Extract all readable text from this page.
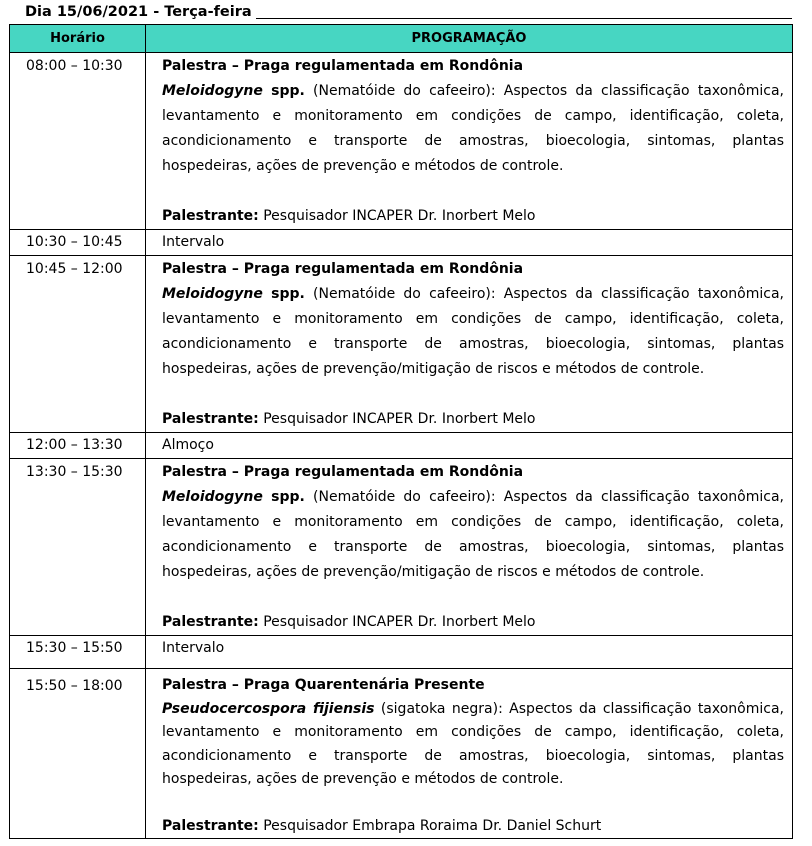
Dia 15/06/2021 - Terça-feira
Horário	PROGRAMAÇÃO

08:00 – 10:30	Palestra – Praga regulamentada em Rondônia
Meloidogyne spp. (Nematóide do cafeeiro): Aspectos da classificação taxonômica, levantamento e monitoramento em condições de campo, identificação, coleta, acondicionamento e transporte de amostras, bioecologia, sintomas, plantas hospedeiras, ações de prevenção e métodos de controle.
Palestrante: Pesquisador INCAPER Dr. Inorbert Melo

10:30 – 10:45	Intervalo

10:45 – 12:00	Palestra – Praga regulamentada em Rondônia
Meloidogyne spp. (Nematóide do cafeeiro): Aspectos da classificação taxonômica, levantamento e monitoramento em condições de campo, identificação, coleta, acondicionamento e transporte de amostras, bioecologia, sintomas, plantas hospedeiras, ações de prevenção/mitigação de riscos e métodos de controle.
Palestrante: Pesquisador INCAPER Dr. Inorbert Melo

12:00 – 13:30	Almoço

13:30 – 15:30	Palestra – Praga regulamentada em Rondônia
Meloidogyne spp. (Nematóide do cafeeiro): Aspectos da classificação taxonômica, levantamento e monitoramento em condições de campo, identificação, coleta, acondicionamento e transporte de amostras, bioecologia, sintomas, plantas hospedeiras, ações de prevenção/mitigação de riscos e métodos de controle.
Palestrante: Pesquisador INCAPER Dr. Inorbert Melo

15:30 – 15:50	Intervalo

15:50 – 18:00	Palestra – Praga Quarentenária Presente
Pseudocercospora fijiensis (sigatoka negra): Aspectos da classificação taxonômica, levantamento e monitoramento em condições de campo, identificação, coleta, acondicionamento e transporte de amostras, bioecologia, sintomas, plantas hospedeiras, ações de prevenção e métodos de controle.
Palestrante: Pesquisador Embrapa Roraima Dr. Daniel Schurt
